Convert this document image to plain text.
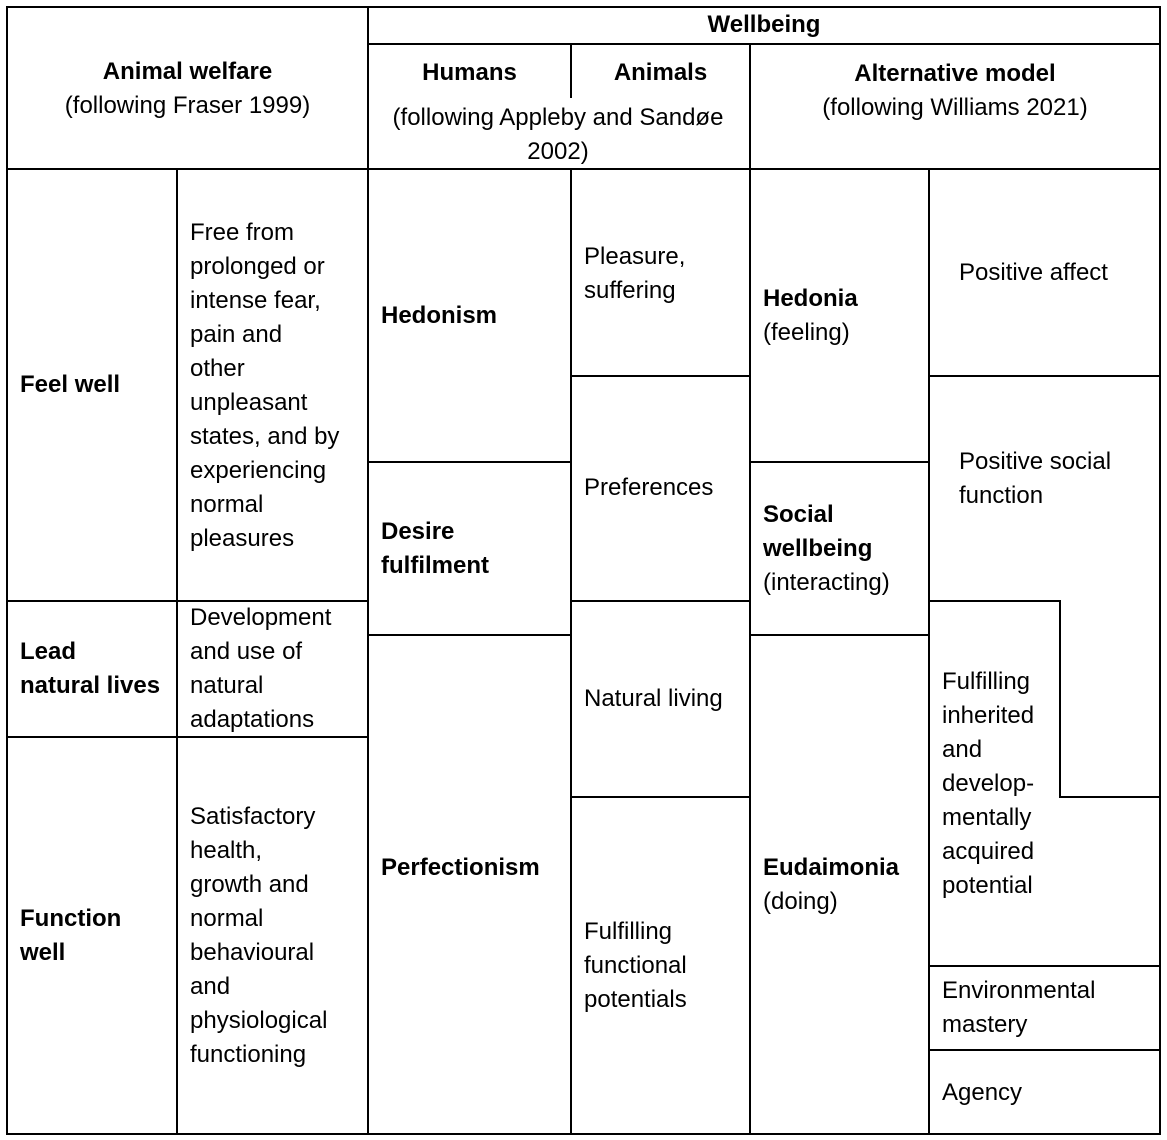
Animal welfare
(following Fraser 1999)
Wellbeing
Humans	Animals
(following Appleby and Sandøe
2002)
Alternative model
(following Williams 2021)
Feel well
Free from
prolonged or
intense fear,
pain and
other
unpleasant
states, and by
experiencing
normal
pleasures
Lead
natural lives
Development
and use of
natural
adaptations
Function
well
Satisfactory
health,
growth and
normal
behavioural
and
physiological
functioning
Hedonism
Desire
fulfilment
Perfectionism
Pleasure,
suffering
Preferences
Natural living
Fulfilling
functional
potentials
Hedonia
(feeling)
Social
wellbeing
(interacting)
Eudaimonia
(doing)
Positive affect
Positive social
function
Fulfilling
inherited
and
develop-
mentally
acquired
potential
Environmental
mastery
Agency
